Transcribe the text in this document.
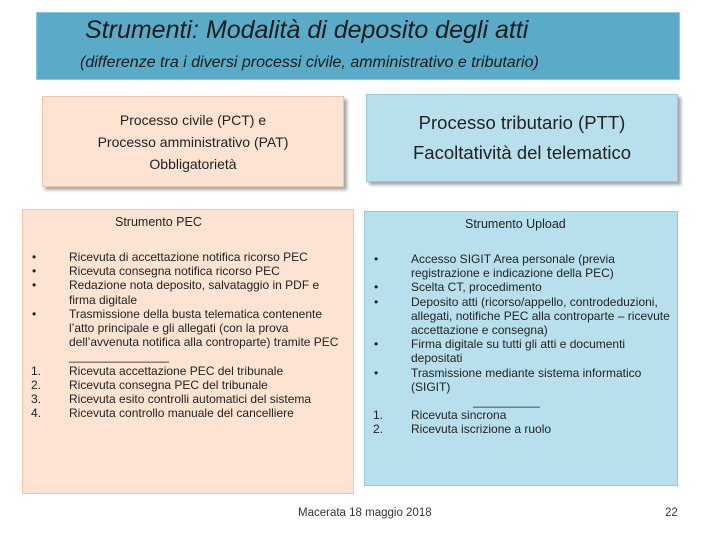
Strumenti: Modalità di deposito degli atti
(differenze tra i diversi processi civile, amministrativo e tributario)
Processo civile (PCT) e
Processo amministrativo (PAT)
Obbligatorietà
Processo tributario (PTT)
Facoltatività del telematico
Strumento PEC
•	Ricevuta di accettazione notifica ricorso PEC
•	Ricevuta consegna notifica ricorso PEC
•	Redazione nota deposito, salvataggio in PDF e firma digitale
•	Trasmissione della busta telematica contenente l’atto principale e gli allegati (con la prova dell’avvenuta notifica alla controparte) tramite PEC
_______________
1.	Ricevuta accettazione PEC del tribunale
2.	Ricevuta consegna PEC del tribunale
3.	Ricevuta esito controlli automatici del sistema
4.	Ricevuta controllo manuale del cancelliere
Strumento Upload
•	Accesso SIGIT Area personale (previa registrazione e indicazione della PEC)
•	Scelta CT, procedimento
•	Deposito atti (ricorso/appello, controdeduzioni, allegati, notifiche PEC alla controparte – ricevute accettazione e consegna)
•	Firma digitale su tutti gli atti e documenti depositati
•	Trasmissione mediante sistema informatico (SIGIT)
__________
1.	Ricevuta sincrona
2.	Ricevuta iscrizione a ruolo
Macerata 18 maggio 2018	22
